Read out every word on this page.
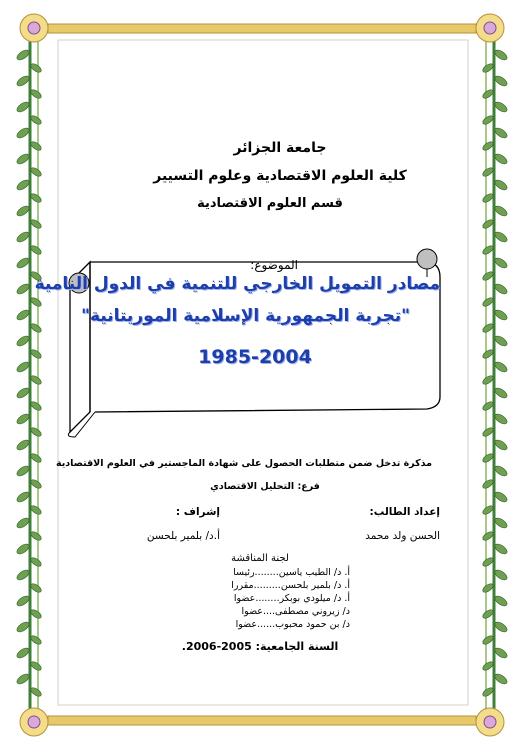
جامعة الجزائر
كلية العلوم الاقتصادية وعلوم التسيير
قسم العلوم الاقتصادية
الموضوع:
مصادر التمويل الخارجي للتنمية في الدول النامية
"تجربة الجمهورية الإسلامية الموريتانية"
1985-2004
مذكرة تدخل ضمن متطلبات الحصول على شهادة الماجستير في العلوم الاقتصادية
فرع: التحليل الاقتصادي
إعداد الطالب:
الحسن ولد محمد
إشراف :
أ.د/ بلمير بلحسن
لجنة المناقشة
أ. د/ الطيب ياسين........رئيسا
أ. د/ بلمير بلحسن.........مقررا
أ. د/ ميلودي بوبكر........عضوا
د/ زيروني مصطفى....عضوا
د/ بن حمود محبوب......عضوا
السنة الجامعية: 2005-2006.
